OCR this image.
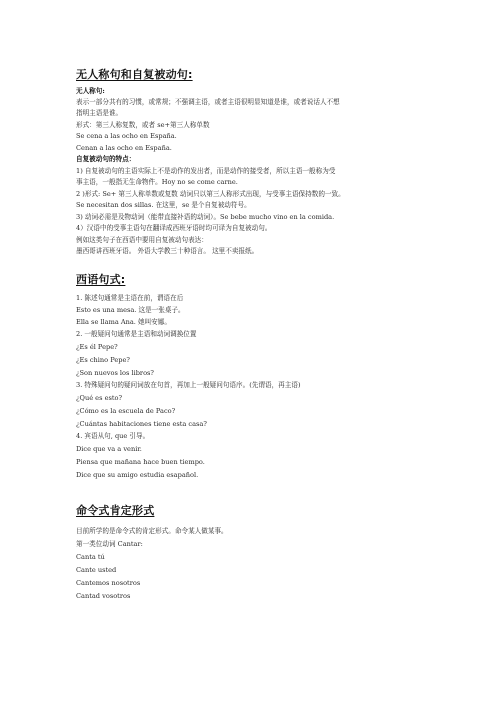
无人称句和自复被动句:
无人称句:
表示一部分共有的习惯，或常规；不强调主语，或者主语很明显知道是谁，或者说话人不想
指明主语是谁。
形式：第三人称复数，或者 se+第三人称单数
Se cena a las ocho en España.
Cenan a las ocho en España.
自复被动句的特点：
1) 自复被动句的主语实际上不是动作的发出者，而是动作的接受者，所以主语一般称为受
事主语，一般指无生命物件。Hoy no se come carne.
2 )形式: Se+ 第三人称单数或复数 动词只以第三人称形式出现，与受事主语保持数的一致。
Se necesitan dos sillas. 在这里，se 是个自复被动符号。
3) 动词必需是及物动词（能带直接补语的动词）。Se bebe mucho vino en la comida.
4）汉语中的受事主语句在翻译成西班牙语时均可译为自复被动句。
例如这类句子在西语中要用自复被动句表达：
墨西哥讲西班牙语。 外语大学教三十种语言。 这里不卖报纸。
西语句式:
1. 陈述句通常是主语在前，谓语在后
Esto es una mesa. 这是一张桌子。
Ella se llama Ana. 她叫安娜。
2. 一般疑问句通常是主语和动词调换位置
¿Es él Pepe?
¿Es chino Pepe?
¿Son nuevos los libros?
3. 特殊疑问句的疑问词放在句首，再加上一般疑问句语序。(先谓语，再主语)
¿Qué es esto?
¿Cómo es la escuela de Paco?
¿Cuántas habitaciones tiene esta casa?
4. 宾语从句, que 引导。
Dice que va a venir.
Piensa que mañana hace buen tiempo.
Dice que su amigo estudia esapañol.
命令式肯定形式
目前所学的是命令式的肯定形式。命令某人做某事。
第一类位动词 Cantar:
Canta tú
Cante usted
Cantemos nosotros
Cantad vosotros
